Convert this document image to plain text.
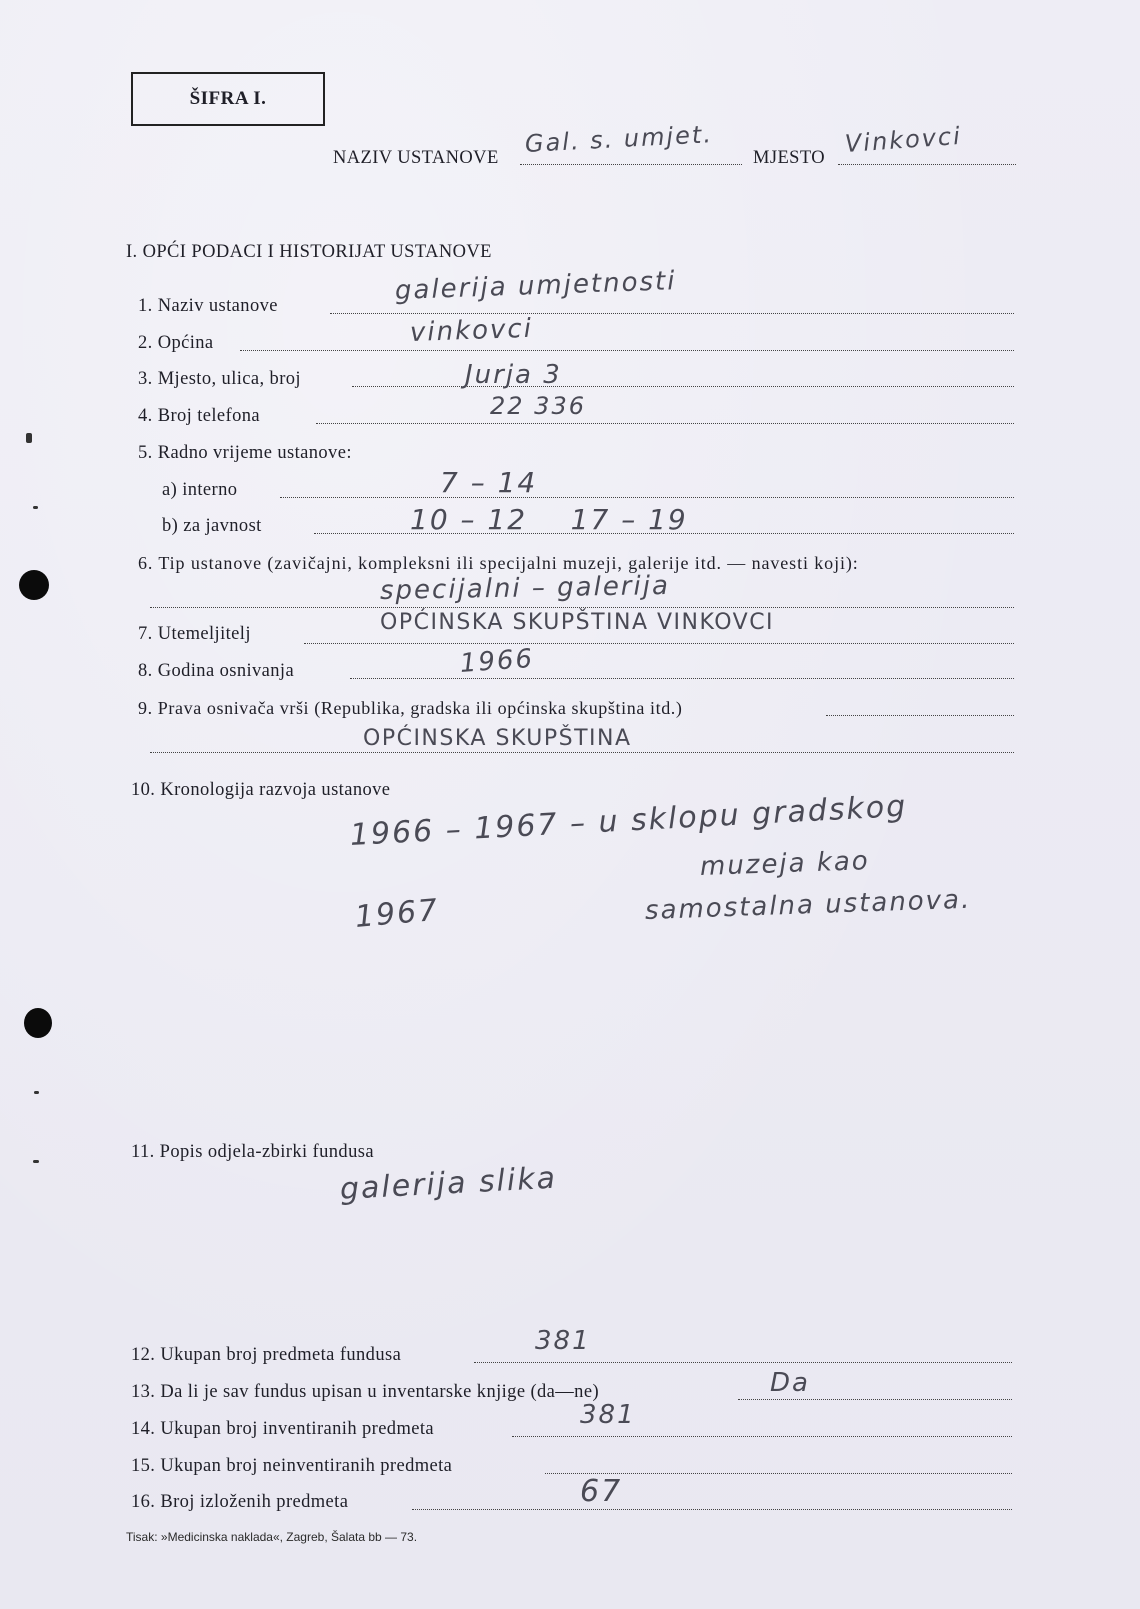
ŠIFRA I.
NAZIV USTANOVE
Gal. s. umjet.
MJESTO
Vinkovci
I. OPĆI PODACI I HISTORIJAT USTANOVE
1. Naziv ustanove
galerija umjetnosti
2. Općina	vinkovci
3. Mjesto, ulica, broj	Jurja 3
4. Broj telefona	22 336
5. Radno vrijeme ustanove:
a) interno	7 – 14
b) za javnost	10 – 12    17 – 19
6. Tip ustanove (zavičajni, kompleksni ili specijalni muzeji, galerije itd. — navesti koji):
specijalni – galerija
7. Utemeljitelj	OPĆINSKA SKUPŠTINA VINKOVCI
8. Godina osnivanja	1966
9. Prava osnivača vrši (Republika, gradska ili općinska skupština itd.)
OPĆINSKA SKUPŠTINA
10. Kronologija razvoja ustanove
1966 – 1967 – u sklopu gradskog
muzeja kao
1967	samostalna ustanova.
11. Popis odjela-zbirki fundusa
galerija slika
12. Ukupan broj predmeta fundusa	381
13. Da li je sav fundus upisan u inventarske knjige (da—ne)	Da
14. Ukupan broj inventiranih predmeta	381
15. Ukupan broj neinventiranih predmeta
16. Broj izloženih predmeta	67
Tisak: »Medicinska naklada«, Zagreb, Šalata bb — 73.
